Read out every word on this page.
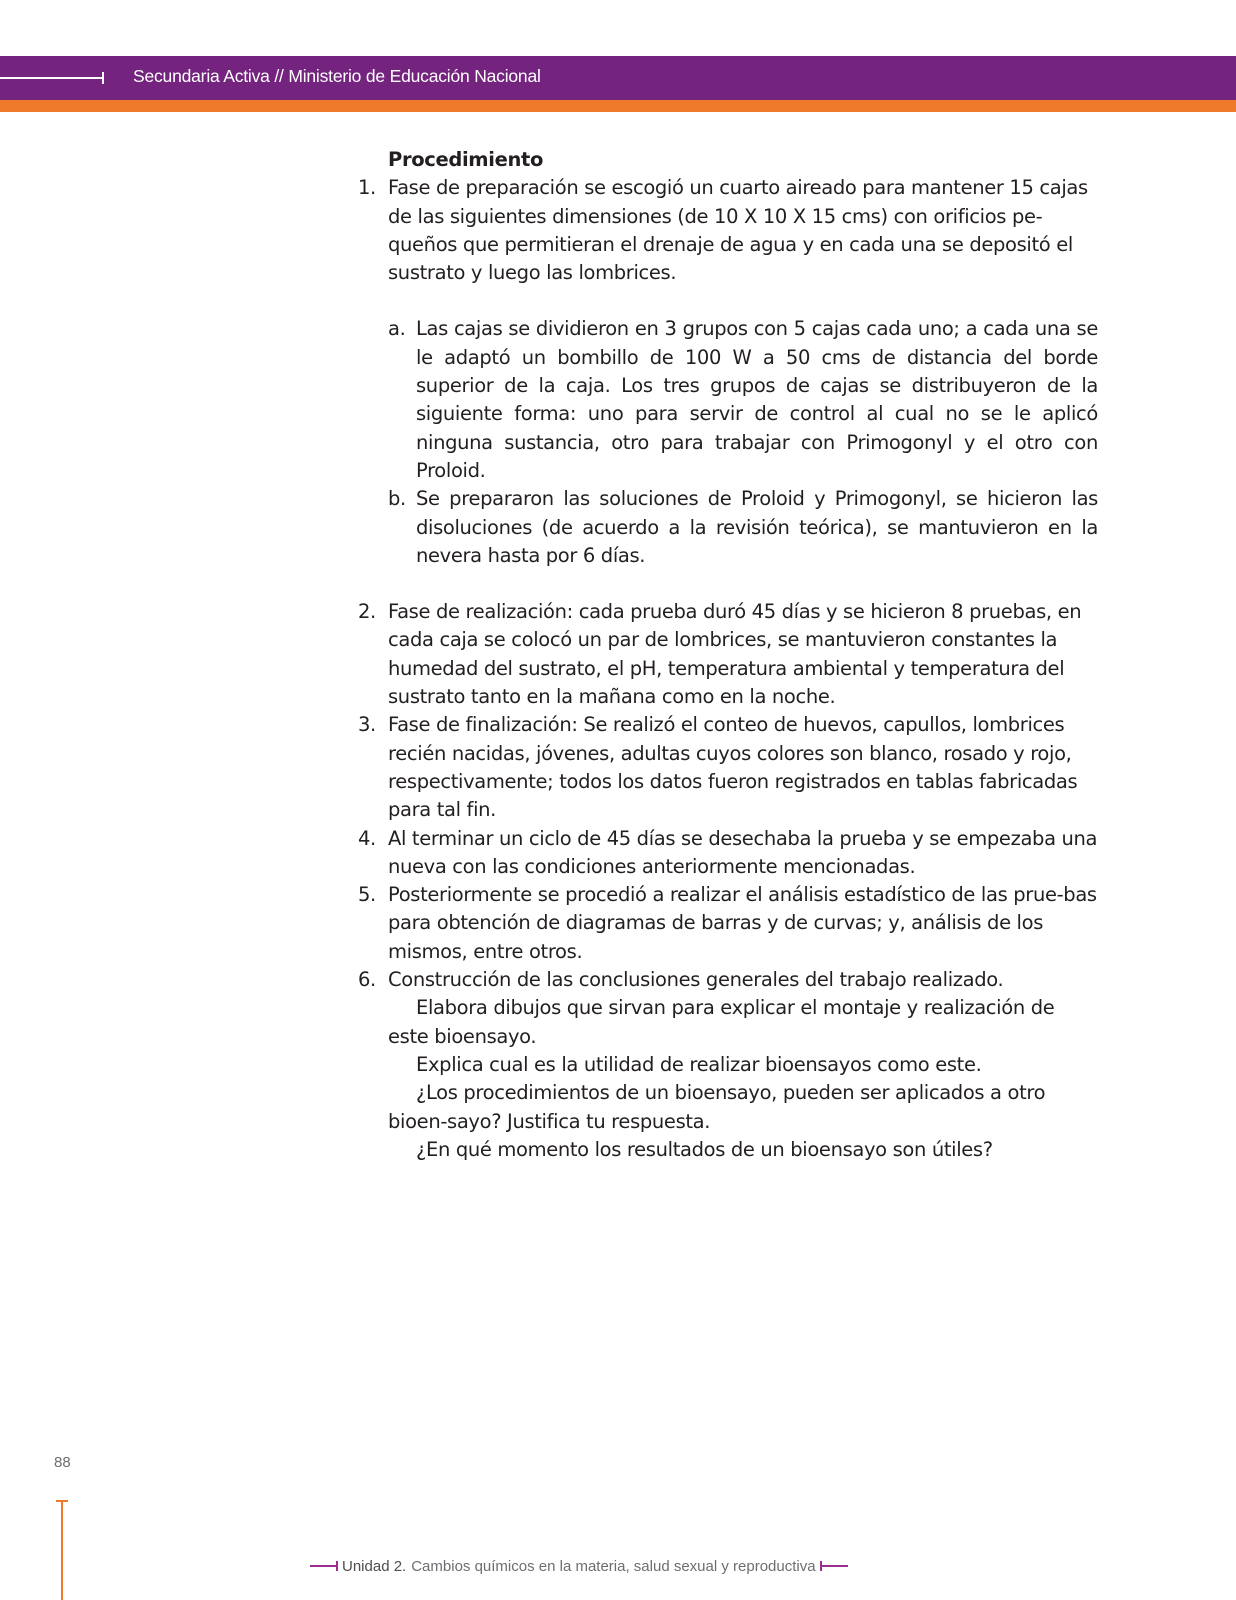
Secundaria Activa // Ministerio de Educación Nacional
Procedimiento
1. Fase de preparación se escogió un cuarto aireado para mantener 15 cajas de las siguientes dimensiones (de 10 X 10 X 15 cms) con orificios pe-queños que permitieran el drenaje de agua y en cada una se depositó el sustrato y luego las lombrices.
a. Las cajas se dividieron en 3 grupos con 5 cajas cada uno; a cada una se le adaptó un bombillo de 100 W a 50 cms de distancia del borde superior de la caja. Los tres grupos de cajas se distribuyeron de la siguiente forma: uno para servir de control al cual no se le aplicó ninguna sustancia, otro para trabajar con Primogonyl y el otro con Proloid.
b. Se prepararon las soluciones de Proloid y Primogonyl, se hicieron las disoluciones (de acuerdo a la revisión teórica), se mantuvieron en la nevera hasta por 6 días.
2. Fase de realización: cada prueba duró 45 días y se hicieron 8 pruebas, en cada caja se colocó un par de lombrices, se mantuvieron constantes la humedad del sustrato, el pH, temperatura ambiental y temperatura del sustrato tanto en la mañana como en la noche.
3. Fase de finalización: Se realizó el conteo de huevos, capullos, lombrices recién nacidas, jóvenes, adultas cuyos colores son blanco, rosado y rojo, respectivamente; todos los datos fueron registrados en tablas fabricadas para tal fin.
4. Al terminar un ciclo de 45 días se desechaba la prueba y se empezaba una nueva con las condiciones anteriormente mencionadas.
5. Posteriormente se procedió a realizar el análisis estadístico de las prue-bas para obtención de diagramas de barras y de curvas; y, análisis de los mismos, entre otros.
6. Construcción de las conclusiones generales del trabajo realizado.
Elabora dibujos que sirvan para explicar el montaje y realización de este bioensayo.
Explica cual es la utilidad de realizar bioensayos como este.
¿Los procedimientos de un bioensayo, pueden ser aplicados a otro bioen-sayo? Justifica tu respuesta.
¿En qué momento los resultados de un bioensayo son útiles?
88
Unidad 2. Cambios químicos en la materia, salud sexual y reproductiva
